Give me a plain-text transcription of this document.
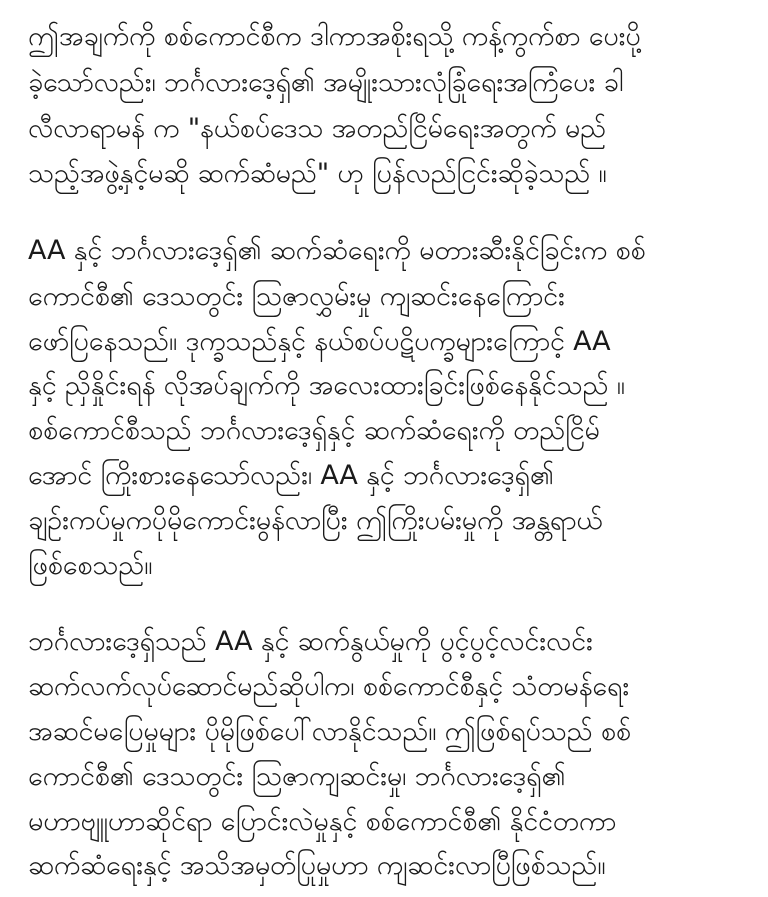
ဤအချက်ကို စစ်ကောင်စီက ဒါကာအစိုးရသို့ ကန့်ကွက်စာ ပေးပို့
ခဲ့သော်လည်း၊ ဘင်္ဂလားဒေ့ရှ်၏ အမျိုးသားလုံခြုံရေးအကြံပေး ခါ
လီလာရာမန် က "နယ်စပ်ဒေသ အတည်ငြိမ်ရေးအတွက် မည်
သည့်အဖွဲ့နှင့်မဆို ဆက်ဆံမည်" ဟု ပြန်လည်ငြင်းဆိုခဲ့သည် ။
AA နှင့် ဘင်္ဂလားဒေ့ရှ်၏ ဆက်ဆံရေးကို မတားဆီးနိုင်ခြင်းက စစ်
ကောင်စီ၏ ဒေသတွင်း သြဇာလွှမ်းမှု ကျဆင်းနေကြောင်း
ဖော်ပြနေသည်။ ဒုက္ခသည်နှင့် နယ်စပ်ပဋိပက္ခများကြောင့် AA
နှင့် ညှိနှိုင်းရန် လိုအပ်ချက်ကို အလေးထားခြင်းဖြစ်နေနိုင်သည် ။
စစ်ကောင်စီသည် ဘင်္ဂလားဒေ့ရှ်နှင့် ဆက်ဆံရေးကို တည်ငြိမ်
အောင် ကြိုးစားနေသော်လည်း၊ AA နှင့် ဘင်္ဂလားဒေ့ရှ်၏
ချဉ်းကပ်မှုကပိုမိုကောင်းမွန်လာပြီး ဤကြိုးပမ်းမှုကို အန္တရာယ်
ဖြစ်စေသည်။
ဘင်္ဂလားဒေ့ရှ်သည် AA နှင့် ဆက်နွယ်မှုကို ပွင့်ပွင့်လင်းလင်း
ဆက်လက်လုပ်ဆောင်မည်ဆိုပါက၊ စစ်ကောင်စီနှင့် သံတမန်ရေး
အဆင်မပြေမှုများ ပိုမိုဖြစ်ပေါ်လာနိုင်သည်။ ဤဖြစ်ရပ်သည် စစ်
ကောင်စီ၏ ဒေသတွင်း သြဇာကျဆင်းမှု၊ ဘင်္ဂလားဒေ့ရှ်၏
မဟာဗျူဟာဆိုင်ရာ ပြောင်းလဲမှုနှင့် စစ်ကောင်စီ၏ နိုင်ငံတကာ
ဆက်ဆံရေးနှင့် အသိအမှတ်ပြုမှုဟာ ကျဆင်းလာပြီဖြစ်သည်။
